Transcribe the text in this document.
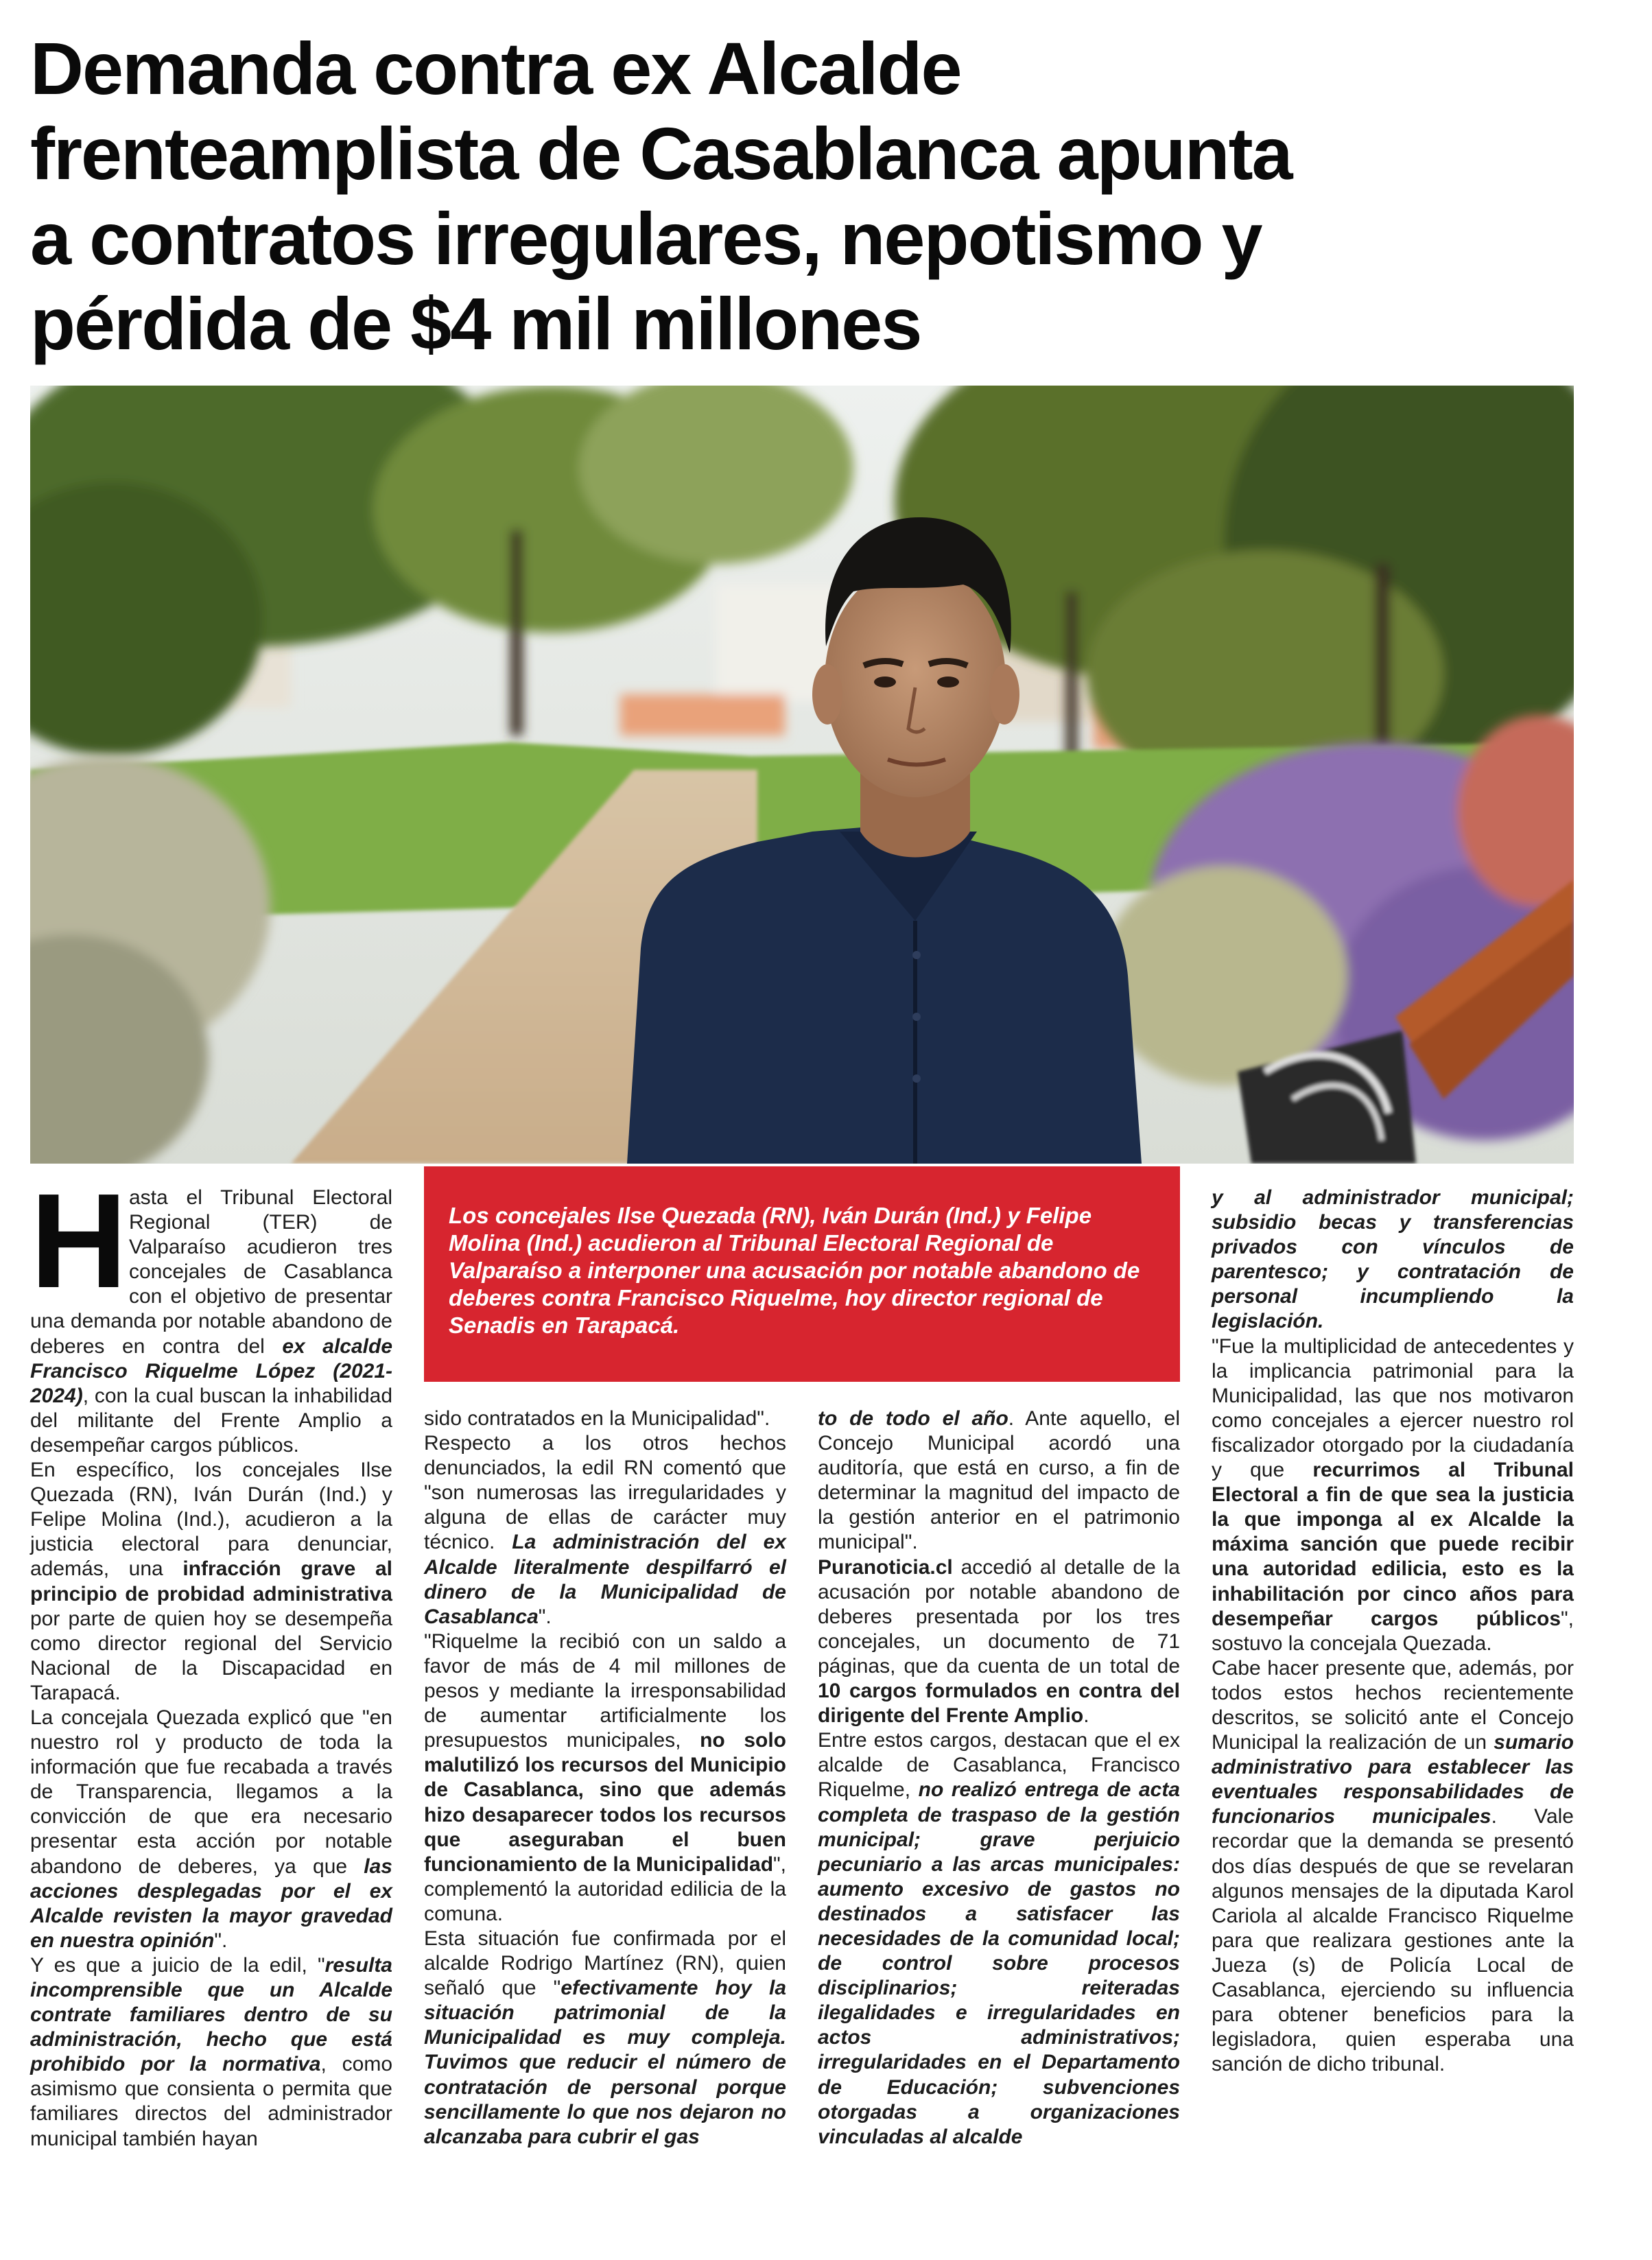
Demanda contra ex Alcalde
frenteamplista de Casablanca apunta
a contratos irregulares, nepotismo y
pérdida de $4 mil millones

Los concejales Ilse Quezada (RN), Iván Durán (Ind.) y Felipe Molina (Ind.) acudieron al Tribunal Electoral Regional de Valparaíso a interponer una acusación por notable abandono de deberes contra Francisco Riquelme, hoy director regional de Senadis en Tarapacá.

H asta el Tribunal Electoral Regional (TER) de Valparaíso acudieron tres concejales de Casablanca con el objetivo de presentar una demanda por notable abandono de deberes en contra del ex alcalde Francisco Riquelme López (2021-2024), con la cual buscan la inhabilidad del militante del Frente Amplio a desempeñar cargos públicos.

En específico, los concejales Ilse Quezada (RN), Iván Durán (Ind.) y Felipe Molina (Ind.), acudieron a la justicia electoral para denunciar, además, una infracción grave al principio de probidad administrativa por parte de quien hoy se desempeña como director regional del Servicio Nacional de la Discapacidad en Tarapacá.

La concejala Quezada explicó que "en nuestro rol y producto de toda la información que fue recabada a través de Transparencia, llegamos a la convicción de que era necesario presentar esta acción por notable abandono de deberes, ya que las acciones desplegadas por el ex Alcalde revisten la mayor gravedad en nuestra opinión".

Y es que a juicio de la edil, "resulta incomprensible que un Alcalde contrate familiares dentro de su administración, hecho que está prohibido por la normativa, como asimismo que consienta o permita que familiares directos del administrador municipal también hayan

sido contratados en la Municipalidad".

Respecto a los otros hechos denunciados, la edil RN comentó que "son numerosas las irregularidades y alguna de ellas de carácter muy técnico. La administración del ex Alcalde literalmente despilfarró el dinero de la Municipalidad de Casablanca".

"Riquelme la recibió con un saldo a favor de más de 4 mil millones de pesos y mediante la irresponsabilidad de aumentar artificialmente los presupuestos municipales, no solo malutilizó los recursos del Municipio de Casablanca, sino que además hizo desaparecer todos los recursos que aseguraban el buen funcionamiento de la Municipalidad", complementó la autoridad edilicia de la comuna.

Esta situación fue confirmada por el alcalde Rodrigo Martínez (RN), quien señaló que "efectivamente hoy la situación patrimonial de la Municipalidad es muy compleja. Tuvimos que reducir el número de contratación de personal porque sencillamente lo que nos dejaron no alcanzaba para cubrir el gas

to de todo el año. Ante aquello, el Concejo Municipal acordó una auditoría, que está en curso, a fin de determinar la magnitud del impacto de la gestión anterior en el patrimonio municipal".

Puranoticia.cl accedió al detalle de la acusación por notable abandono de deberes presentada por los tres concejales, un documento de 71 páginas, que da cuenta de un total de 10 cargos formulados en contra del dirigente del Frente Amplio.

Entre estos cargos, destacan que el ex alcalde de Casablanca, Francisco Riquelme, no realizó entrega de acta completa de traspaso de la gestión municipal; grave perjuicio pecuniario a las arcas municipales: aumento excesivo de gastos no destinados a satisfacer las necesidades de la comunidad local; de control sobre procesos disciplinarios; reiteradas ilegalidades e irregularidades en actos administrativos; irregularidades en el Departamento de Educación; subvenciones otorgadas a organizaciones vinculadas al alcalde

y al administrador municipal; subsidio becas y transferencias privados con vínculos de parentesco; y contratación de personal incumpliendo la legislación.

"Fue la multiplicidad de antecedentes y la implicancia patrimonial para la Municipalidad, las que nos motivaron como concejales a ejercer nuestro rol fiscalizador otorgado por la ciudadanía y que recurrimos al Tribunal Electoral a fin de que sea la justicia la que imponga al ex Alcalde la máxima sanción que puede recibir una autoridad edilicia, esto es la inhabilitación por cinco años para desempeñar cargos públicos", sostuvo la concejala Quezada.

Cabe hacer presente que, además, por todos estos hechos recientemente descritos, se solicitó ante el Concejo Municipal la realización de un sumario administrativo para establecer las eventuales responsabilidades de funcionarios municipales. Vale recordar que la demanda se presentó dos días después de que se revelaran algunos mensajes de la diputada Karol Cariola al alcalde Francisco Riquelme para que realizara gestiones ante la Jueza (s) de Policía Local de Casablanca, ejerciendo su influencia para obtener beneficios para la legisladora, quien esperaba una sanción de dicho tribunal.
